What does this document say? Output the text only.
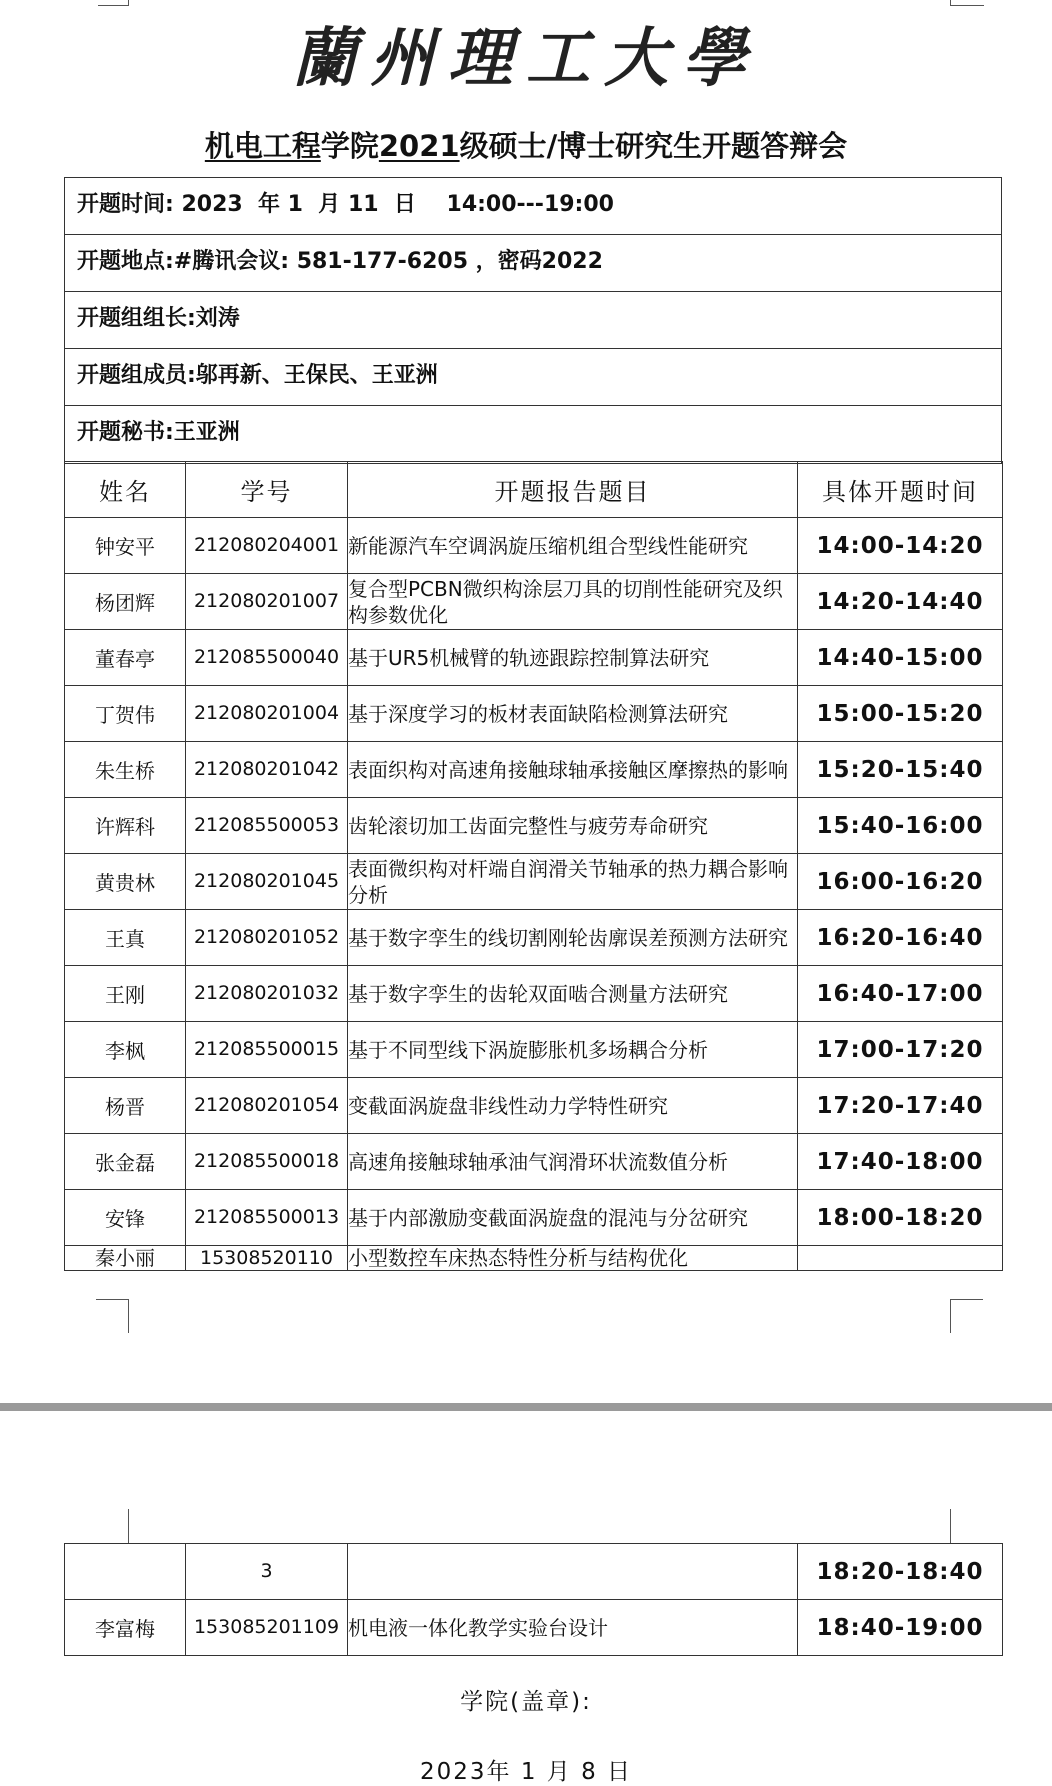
蘭州理工大學
机电工程学院2021级硕士/博士研究生开题答辩会
开题时间: 2023  年 1  月 11  日    14:00---19:00
开题地点:#腾讯会议: 581-177-6205 ，密码2022
开题组组长:刘涛
开题组成员:邬再新、王保民、王亚洲
开题秘书:王亚洲
姓名	学号	开题报告题目	具体开题时间
钟安平	212080204001	新能源汽车空调涡旋压缩机组合型线性能研究	14:00-14:20
杨团辉	212080201007	复合型PCBN微织构涂层刀具的切削性能研究及织构参数优化	14:20-14:40
董春亭	212085500040	基于UR5机械臂的轨迹跟踪控制算法研究	14:40-15:00
丁贺伟	212080201004	基于深度学习的板材表面缺陷检测算法研究	15:00-15:20
朱生桥	212080201042	表面织构对高速角接触球轴承接触区摩擦热的影响	15:20-15:40
许辉科	212085500053	齿轮滚切加工齿面完整性与疲劳寿命研究	15:40-16:00
黄贵林	212080201045	表面微织构对杆端自润滑关节轴承的热力耦合影响分析	16:00-16:20
王真	212080201052	基于数字孪生的线切割刚轮齿廓误差预测方法研究	16:20-16:40
王刚	212080201032	基于数字孪生的齿轮双面啮合测量方法研究	16:40-17:00
李枫	212085500015	基于不同型线下涡旋膨胀机多场耦合分析	17:00-17:20
杨晋	212080201054	变截面涡旋盘非线性动力学特性研究	17:20-17:40
张金磊	212085500018	高速角接触球轴承油气润滑环状流数值分析	17:40-18:00
安锋	212085500013	基于内部激励变截面涡旋盘的混沌与分岔研究	18:00-18:20
秦小丽	15308520110	小型数控车床热态特性分析与结构优化	
	3		18:20-18:40
李富梅	153085201109	机电液一体化教学实验台设计	18:40-19:00
学院(盖章):
2023年 1 月 8 日
